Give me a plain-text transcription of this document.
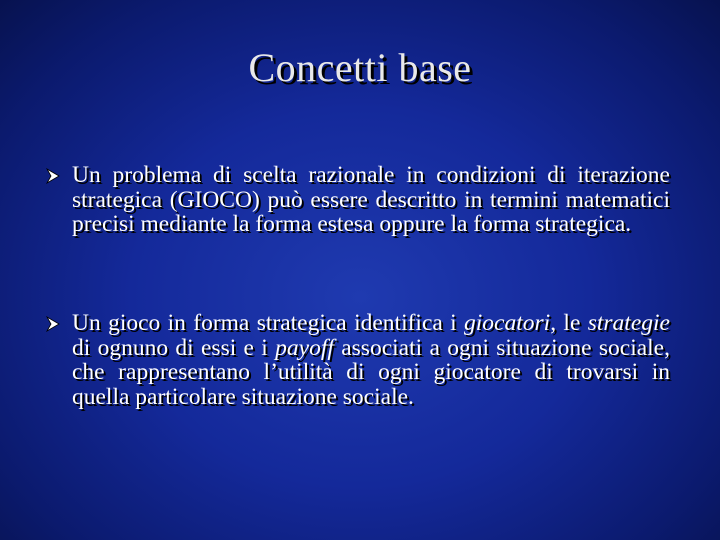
Concetti base
Un problema di scelta razionale in condizioni di iterazione strategica (GIOCO) può essere descritto in termini matematici precisi mediante la forma estesa oppure la forma strategica.
Un gioco in forma strategica identifica i giocatori, le strategie di ognuno di essi e i payoff associati a ogni situazione sociale, che rappresentano l’utilità di ogni giocatore di trovarsi in quella particolare situazione sociale.
